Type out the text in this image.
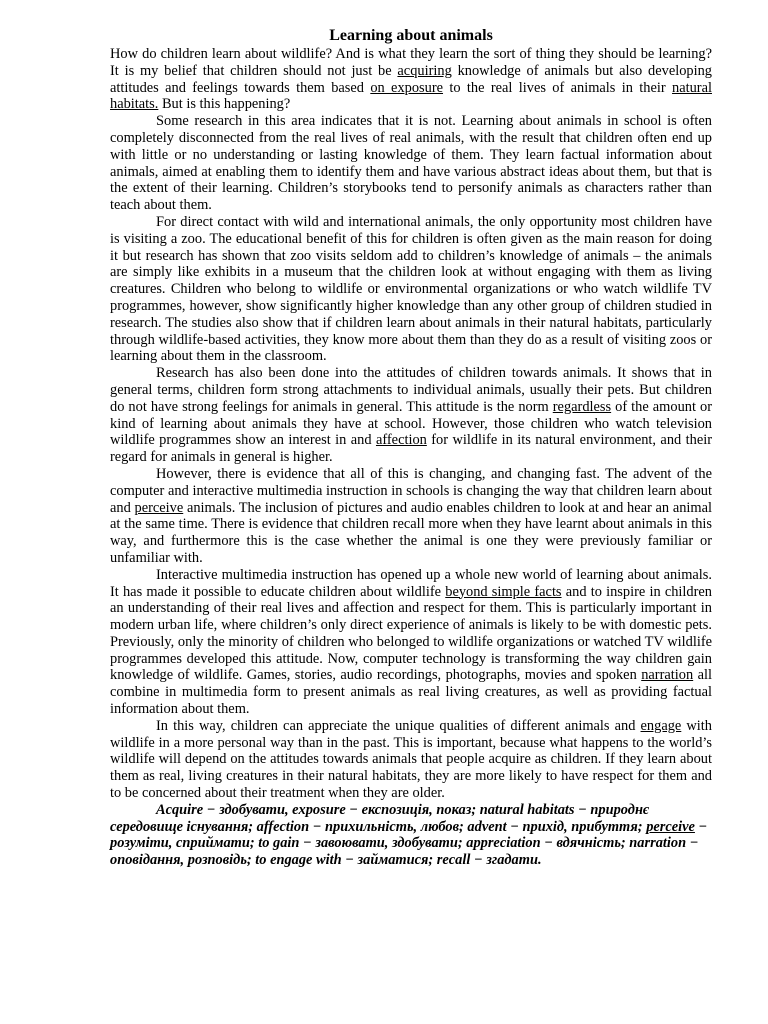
Learning about animals

How do children learn about wildlife? And is what they learn the sort of thing they should be learning? It is my belief that children should not just be acquiring knowledge of animals but also developing attitudes and feelings towards them based on exposure to the real lives of animals in their natural habitats. But is this happening?

Some research in this area indicates that it is not. Learning about animals in school is often completely disconnected from the real lives of real animals, with the result that children often end up with little or no understanding or lasting knowledge of them. They learn factual information about animals, aimed at enabling them to identify them and have various abstract ideas about them, but that is the extent of their learning. Children’s storybooks tend to personify animals as characters rather than teach about them.

For direct contact with wild and international animals, the only opportunity most children have is visiting a zoo. The educational benefit of this for children is often given as the main reason for doing it but research has shown that zoo visits seldom add to children’s knowledge of animals – the animals are simply like exhibits in a museum that the children look at without engaging with them as living creatures. Children who belong to wildlife or environmental organizations or who watch wildlife TV programmes, however, show significantly higher knowledge than any other group of children studied in research. The studies also show that if children learn about animals in their natural habitats, particularly through wildlife-based activities, they know more about them than they do as a result of visiting zoos or learning about them in the classroom.

Research has also been done into the attitudes of children towards animals. It shows that in general terms, children form strong attachments to individual animals, usually their pets. But children do not have strong feelings for animals in general. This attitude is the norm regardless of the amount or kind of learning about animals they have at school. However, those children who watch television wildlife programmes show an interest in and affection for wildlife in its natural environment, and their regard for animals in general is higher.

However, there is evidence that all of this is changing, and changing fast. The advent of the computer and interactive multimedia instruction in schools is changing the way that children learn about and perceive animals. The inclusion of pictures and audio enables children to look at and hear an animal at the same time. There is evidence that children recall more when they have learnt about animals in this way, and furthermore this is the case whether the animal is one they were previously familiar or unfamiliar with.

Interactive multimedia instruction has opened up a whole new world of learning about animals. It has made it possible to educate children about wildlife beyond simple facts and to inspire in children an understanding of their real lives and affection and respect for them. This is particularly important in modern urban life, where children’s only direct experience of animals is likely to be with domestic pets. Previously, only the minority of children who belonged to wildlife organizations or watched TV wildlife programmes developed this attitude. Now, computer technology is transforming the way children gain knowledge of wildlife. Games, stories, audio recordings, photographs, movies and spoken narration all combine in multimedia form to present animals as real living creatures, as well as providing factual information about them.

In this way, children can appreciate the unique qualities of different animals and engage with wildlife in a more personal way than in the past. This is important, because what happens to the world’s wildlife will depend on the attitudes towards animals that people acquire as children. If they learn about them as real, living creatures in their natural habitats, they are more likely to have respect for them and to be concerned about their treatment when they are older.

Acquire − здобувати, exposure − експозиція, показ; natural habitats − природнє середовище існування; affection − прихильність, любов; advent − прихід, прибуття; perceive − розуміти, сприймати; to gain − завоювати, здобувати; appreciation − вдячність; narration − оповідання, розповідь; to engage with − займатися; recall − згадати.
